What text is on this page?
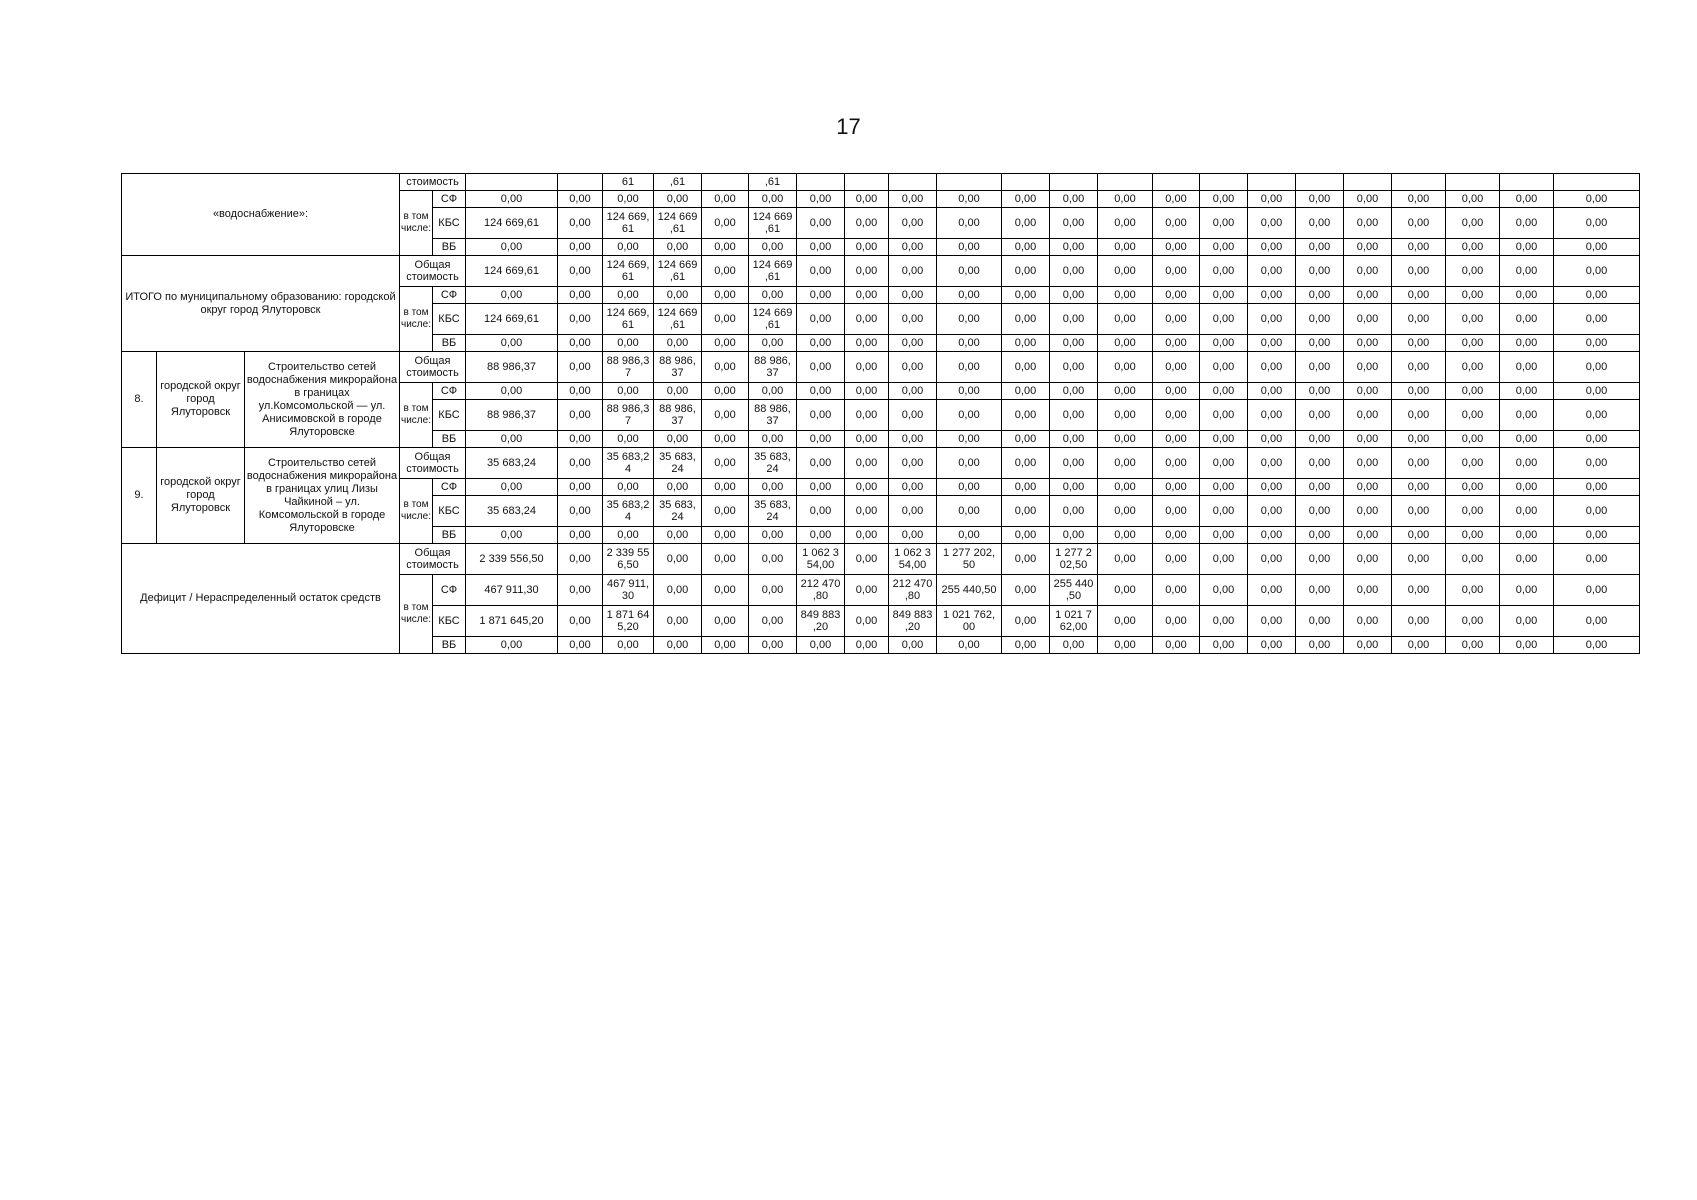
17
«водоснабжение»:			стоимость				61	,61		,61																
			в том числе:	СФ	0,00	0,00	0,00	0,00	0,00	0,00	0,00	0,00	0,00	0,00	0,00	0,00	0,00	0,00	0,00	0,00	0,00	0,00	0,00	0,00	0,00	0,00
				КБС	124 669,61	0,00	124 669, 61	124 669 ,61	0,00	124 669 ,61	0,00	0,00	0,00	0,00	0,00	0,00	0,00	0,00	0,00	0,00	0,00	0,00	0,00	0,00	0,00	0,00
				ВБ	0,00	0,00	0,00	0,00	0,00	0,00	0,00	0,00	0,00	0,00	0,00	0,00	0,00	0,00	0,00	0,00	0,00	0,00	0,00	0,00	0,00	0,00
ИТОГО по муниципальному образованию: городской округ город Ялуторовск			Общая стоимость		124 669,61	0,00	124 669, 61	124 669 ,61	0,00	124 669 ,61	0,00	0,00	0,00	0,00	0,00	0,00	0,00	0,00	0,00	0,00	0,00	0,00	0,00	0,00	0,00	0,00
			в том числе:	СФ	0,00	0,00	0,00	0,00	0,00	0,00	0,00	0,00	0,00	0,00	0,00	0,00	0,00	0,00	0,00	0,00	0,00	0,00	0,00	0,00	0,00	0,00
				КБС	124 669,61	0,00	124 669, 61	124 669 ,61	0,00	124 669 ,61	0,00	0,00	0,00	0,00	0,00	0,00	0,00	0,00	0,00	0,00	0,00	0,00	0,00	0,00	0,00	0,00
				ВБ	0,00	0,00	0,00	0,00	0,00	0,00	0,00	0,00	0,00	0,00	0,00	0,00	0,00	0,00	0,00	0,00	0,00	0,00	0,00	0,00	0,00	0,00
8.	городской округ город Ялуторовск	Строительство сетей водоснабжения микрорайона в границах ул.Комсомольской — ул. Анисимовской в городе Ялуторовске	Общая стоимость		88 986,37	0,00	88 986,3 7	88 986, 37	0,00	88 986, 37	0,00	0,00	0,00	0,00	0,00	0,00	0,00	0,00	0,00	0,00	0,00	0,00	0,00	0,00	0,00	0,00
			в том числе:	СФ	0,00	0,00	0,00	0,00	0,00	0,00	0,00	0,00	0,00	0,00	0,00	0,00	0,00	0,00	0,00	0,00	0,00	0,00	0,00	0,00	0,00	0,00
				КБС	88 986,37	0,00	88 986,3 7	88 986, 37	0,00	88 986, 37	0,00	0,00	0,00	0,00	0,00	0,00	0,00	0,00	0,00	0,00	0,00	0,00	0,00	0,00	0,00	0,00
				ВБ	0,00	0,00	0,00	0,00	0,00	0,00	0,00	0,00	0,00	0,00	0,00	0,00	0,00	0,00	0,00	0,00	0,00	0,00	0,00	0,00	0,00	0,00
9.	городской округ город Ялуторовск	Строительство сетей водоснабжения микрорайона в границах улиц Лизы Чайкиной – ул. Комсомольской в городе Ялуторовске	Общая стоимость		35 683,24	0,00	35 683,2 4	35 683, 24	0,00	35 683, 24	0,00	0,00	0,00	0,00	0,00	0,00	0,00	0,00	0,00	0,00	0,00	0,00	0,00	0,00	0,00	0,00
			в том числе:	СФ	0,00	0,00	0,00	0,00	0,00	0,00	0,00	0,00	0,00	0,00	0,00	0,00	0,00	0,00	0,00	0,00	0,00	0,00	0,00	0,00	0,00	0,00
				КБС	35 683,24	0,00	35 683,2 4	35 683, 24	0,00	35 683, 24	0,00	0,00	0,00	0,00	0,00	0,00	0,00	0,00	0,00	0,00	0,00	0,00	0,00	0,00	0,00	0,00
				ВБ	0,00	0,00	0,00	0,00	0,00	0,00	0,00	0,00	0,00	0,00	0,00	0,00	0,00	0,00	0,00	0,00	0,00	0,00	0,00	0,00	0,00	0,00
Дефицит / Нераспределенный остаток средств			Общая стоимость		2 339 556,50	0,00	2 339 55 6,50	0,00	0,00	0,00	1 062 3 54,00	0,00	1 062 3 54,00	1 277 202, 50	0,00	1 277 2 02,50	0,00	0,00	0,00	0,00	0,00	0,00	0,00	0,00	0,00	0,00
			в том числе:	СФ	467 911,30	0,00	467 911, 30	0,00	0,00	0,00	212 470 ,80	0,00	212 470 ,80	255 440,50	0,00	255 440 ,50	0,00	0,00	0,00	0,00	0,00	0,00	0,00	0,00	0,00	0,00
				КБС	1 871 645,20	0,00	1 871 64 5,20	0,00	0,00	0,00	849 883 ,20	0,00	849 883 ,20	1 021 762, 00	0,00	1 021 7 62,00	0,00	0,00	0,00	0,00	0,00	0,00	0,00	0,00	0,00	0,00
				ВБ	0,00	0,00	0,00	0,00	0,00	0,00	0,00	0,00	0,00	0,00	0,00	0,00	0,00	0,00	0,00	0,00	0,00	0,00	0,00	0,00	0,00	0,00
